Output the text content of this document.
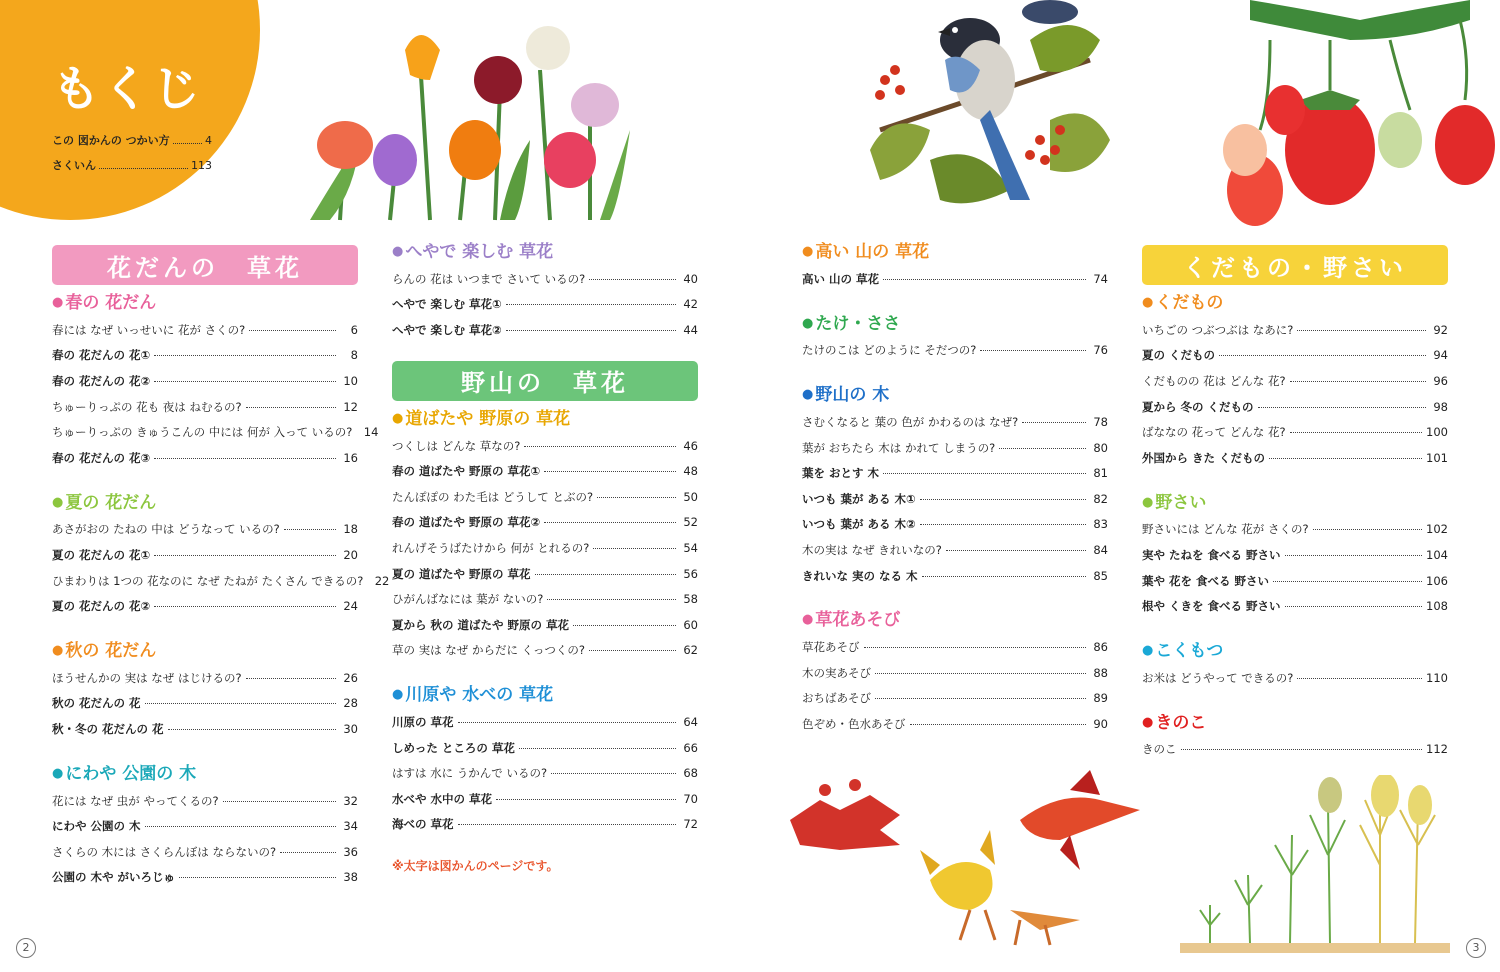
もくじ
この 図かんの つかい方	4
さくいん	113
花だんの　草花
● 春の 花だん
春には なぜ いっせいに 花が さくの?	6
春の 花だんの 花①	8
春の 花だんの 花②	10
ちゅーりっぷの 花も 夜は ねむるの?	12
ちゅーりっぷの きゅうこんの 中には 何が 入って いるの? 14
春の 花だんの 花③	16
● 夏の 花だん
あさがおの たねの 中は どうなって いるの?	18
夏の 花だんの 花①	20
ひまわりは 1つの 花なのに なぜ たねが たくさん できるの? 22
夏の 花だんの 花②	24
● 秋の 花だん
ほうせんかの 実は なぜ はじけるの?	26
秋の 花だんの 花	28
秋・冬の 花だんの 花	30
● にわや 公園の 木
花には なぜ 虫が やってくるの?	32
にわや 公園の 木	34
さくらの 木には さくらんぼは ならないの?	36
公園の 木や がいろじゅ	38
● へやで 楽しむ 草花
らんの 花は いつまで さいて いるの?	40
へやで 楽しむ 草花①	42
へやで 楽しむ 草花②	44
野山の　草花
● 道ばたや 野原の 草花
つくしは どんな 草なの?	46
春の 道ばたや 野原の 草花①	48
たんぽぽの わた毛は どうして とぶの?	50
春の 道ばたや 野原の 草花②	52
れんげそうばたけから 何が とれるの?	54
夏の 道ばたや 野原の 草花	56
ひがんばなには 葉が ないの?	58
夏から 秋の 道ばたや 野原の 草花	60
草の 実は なぜ からだに くっつくの?	62
● 川原や 水べの 草花
川原の 草花	64
しめった ところの 草花	66
はすは 水に うかんで いるの?	68
水べや 水中の 草花	70
海べの 草花	72
※太字は図かんのページです。
● 高い 山の 草花
高い 山の 草花	74
● たけ・ささ
たけのこは どのように そだつの?	76
● 野山の 木
さむくなると 葉の 色が かわるのは なぜ?	78
葉が おちたら 木は かれて しまうの?	80
葉を おとす 木	81
いつも 葉が ある 木①	82
いつも 葉が ある 木②	83
木の実は なぜ きれいなの?	84
きれいな 実の なる 木	85
● 草花あそび
草花あそび	86
木の実あそび	88
おちばあそび	89
色ぞめ・色水あそび	90
くだもの・野さい
● くだもの
いちごの つぶつぶは なあに?	92
夏の くだもの	94
くだものの 花は どんな 花?	96
夏から 冬の くだもの	98
ばななの 花って どんな 花?	100
外国から きた くだもの	101
● 野さい
野さいには どんな 花が さくの?	102
実や たねを 食べる 野さい	104
葉や 花を 食べる 野さい	106
根や くきを 食べる 野さい	108
● こくもつ
お米は どうやって できるの?	110
● きのこ
きのこ	112
2	3
